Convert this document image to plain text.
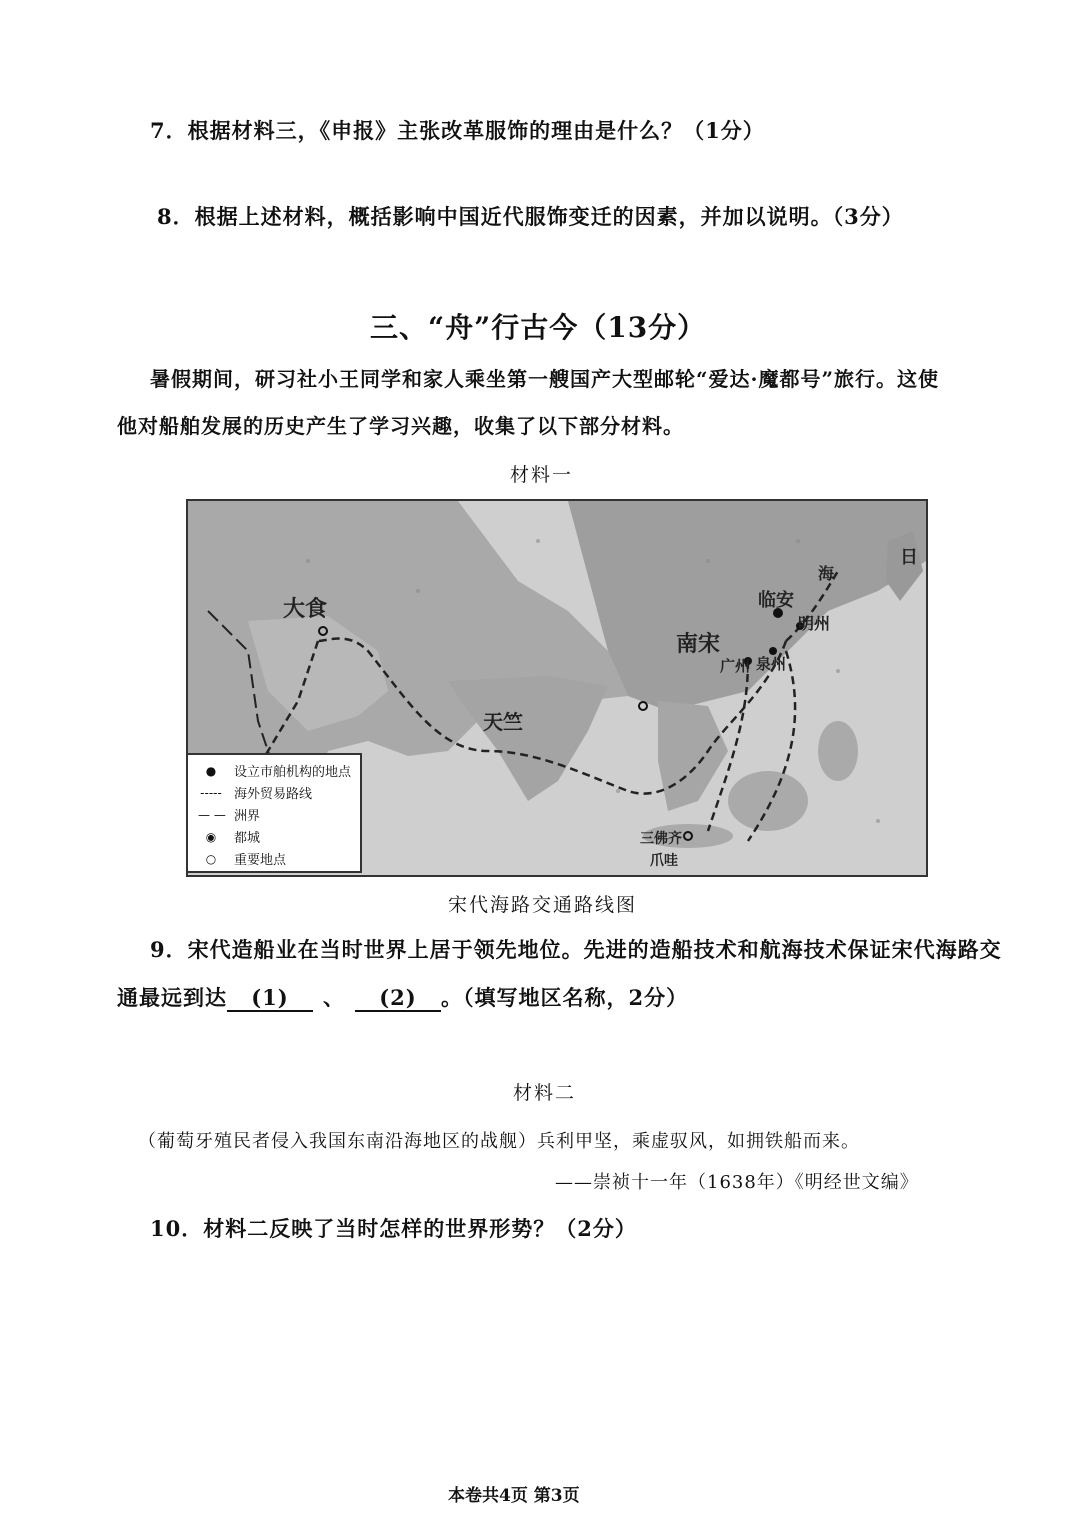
7．根据材料三，《申报》主张改革服饰的理由是什么？（1分）
8．根据上述材料，概括影响中国近代服饰变迁的因素，并加以说明。（3分）
三、“舟”行古今（13分）
暑假期间，研习社小王同学和家人乘坐第一艘国产大型邮轮“爱达·魔都号”旅行。这使
他对船舶发展的历史产生了学习兴趣，收集了以下部分材料。
材料一
大食
天竺
南宋
临安
明州
广州 泉州
日
海
三佛齐
爪哇
●	设立市舶机构的地点
----- 海外贸易路线
— — 洲界
◉	都城
○	重要地点
宋代海路交通路线图
9．宋代造船业在当时世界上居于领先地位。先进的造船技术和航海技术保证宋代海路交
通最远到达 (1) 、 (2) 。（填写地区名称，2分）
材料二
（葡萄牙殖民者侵入我国东南沿海地区的战舰）兵利甲坚，乘虚驭风，如拥铁船而来。
——崇祯十一年（1638年）《明经世文编》
10．材料二反映了当时怎样的世界形势？（2分）
本卷共4页 第3页
